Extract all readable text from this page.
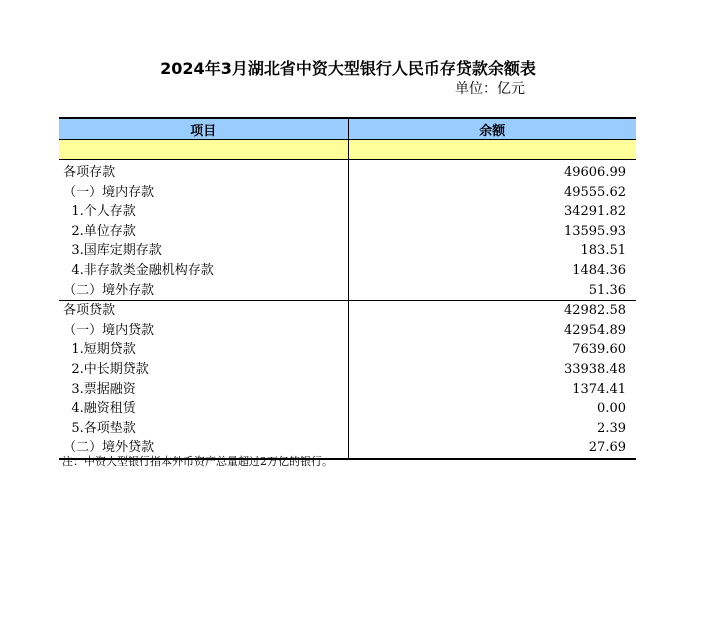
2024年3月湖北省中资大型银行人民币存贷款余额表
单位：亿元
项目	余额

各项存款	49606.99
（一）境内存款	49555.62
1.个人存款	34291.82
2.单位存款	13595.93
3.国库定期存款	183.51
4.非存款类金融机构存款	1484.36
（二）境外存款	51.36
各项贷款	42982.58
（一）境内贷款	42954.89
1.短期贷款	7639.60
2.中长期贷款	33938.48
3.票据融资	1374.41
4.融资租赁	0.00
5.各项垫款	2.39
（二）境外贷款	27.69
注：中资大型银行指本外币资产总量超过2万亿的银行。
